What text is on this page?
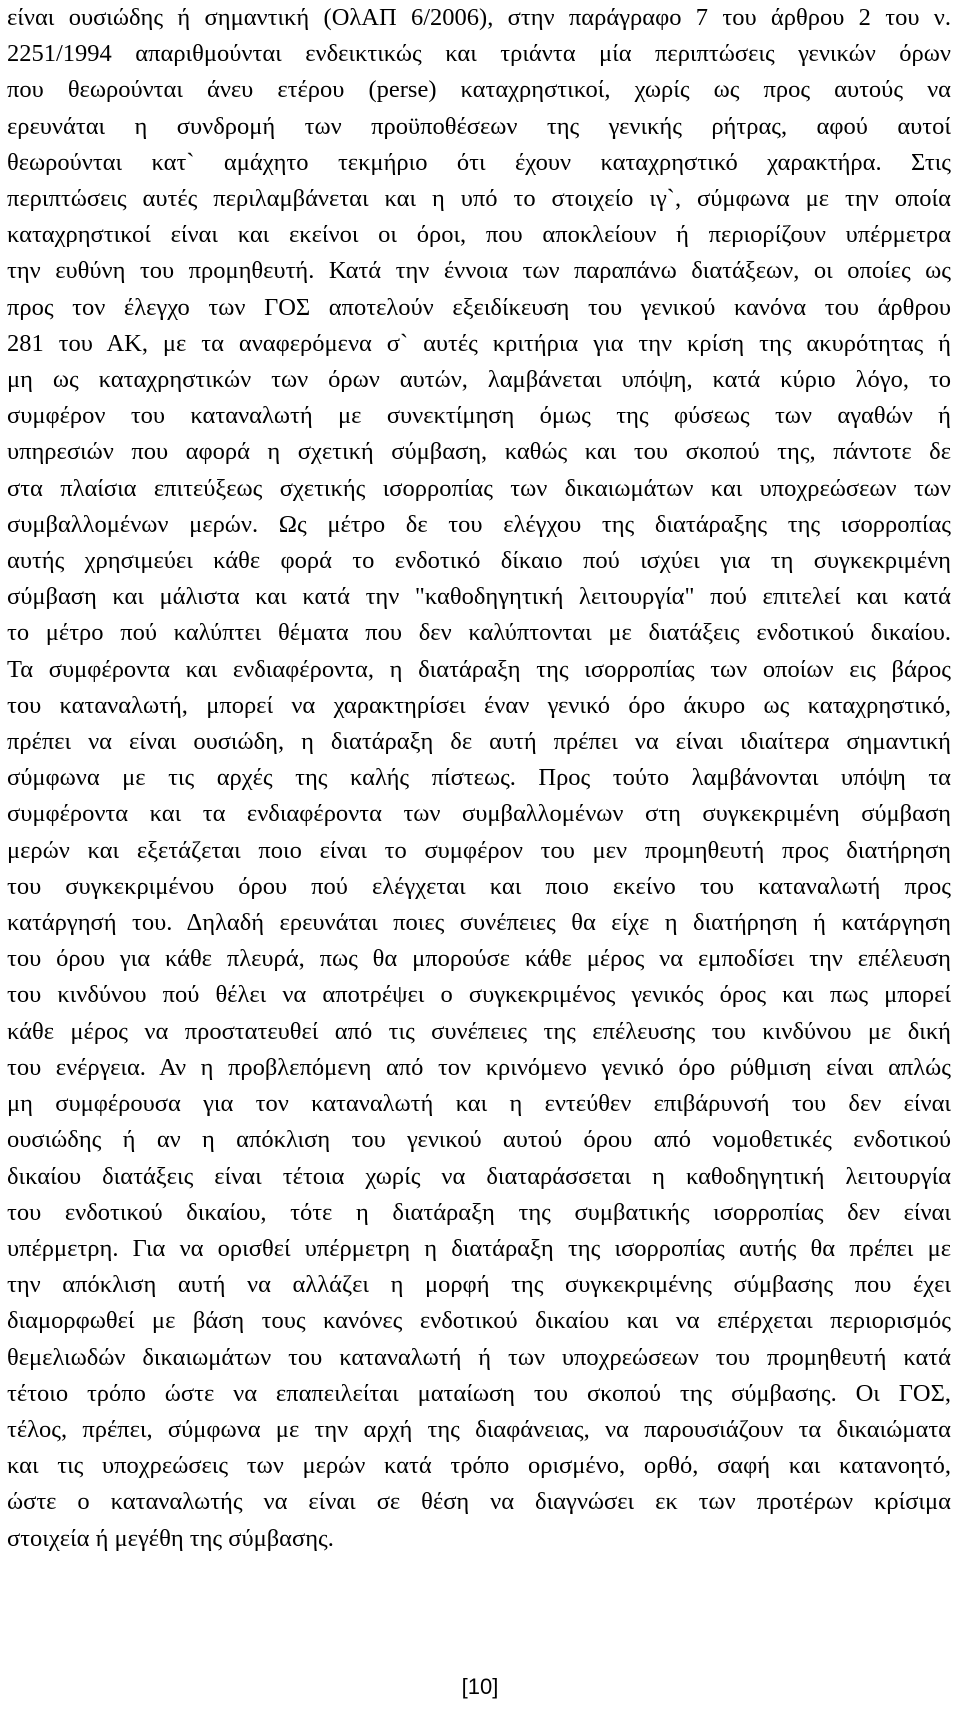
είναι ουσιώδης ή σημαντική (ΟλΑΠ 6/2006), στην παράγραφο 7 του άρθρου 2 του ν.
2251/1994 απαριθμούνται ενδεικτικώς και τριάντα μία περιπτώσεις γενικών όρων
που θεωρούνται άνευ ετέρου (perse) καταχρηστικοί, χωρίς ως προς αυτούς να
ερευνάται η συνδρομή των προϋποθέσεων της γενικής ρήτρας, αφού αυτοί
θεωρούνται κατ` αμάχητο τεκμήριο ότι έχουν καταχρηστικό χαρακτήρα. Στις
περιπτώσεις αυτές περιλαμβάνεται και η υπό το στοιχείο ιγ`, σύμφωνα με την οποία
καταχρηστικοί είναι και εκείνοι οι όροι, που αποκλείουν ή περιορίζουν υπέρμετρα
την ευθύνη του προμηθευτή. Κατά την έννοια των παραπάνω διατάξεων, οι οποίες ως
προς τον έλεγχο των ΓΟΣ αποτελούν εξειδίκευση του γενικού κανόνα του άρθρου
281 του ΑΚ, με τα αναφερόμενα σ` αυτές κριτήρια για την κρίση της ακυρότητας ή
μη ως καταχρηστικών των όρων αυτών, λαμβάνεται υπόψη, κατά κύριο λόγο, το
συμφέρον του καταναλωτή με συνεκτίμηση όμως της φύσεως των αγαθών ή
υπηρεσιών που αφορά η σχετική σύμβαση, καθώς και του σκοπού της, πάντοτε δε
στα πλαίσια επιτεύξεως σχετικής ισορροπίας των δικαιωμάτων και υποχρεώσεων των
συμβαλλομένων μερών. Ως μέτρο δε του ελέγχου της διατάραξης της ισορροπίας
αυτής χρησιμεύει κάθε φορά το ενδοτικό δίκαιο πού ισχύει για τη συγκεκριμένη
σύμβαση και μάλιστα και κατά την "καθοδηγητική λειτουργία" πού επιτελεί και κατά
το μέτρο πού καλύπτει θέματα που δεν καλύπτονται με διατάξεις ενδοτικού δικαίου.
Τα συμφέροντα και ενδιαφέροντα, η διατάραξη της ισορροπίας των οποίων εις βάρος
του καταναλωτή, μπορεί να χαρακτηρίσει έναν γενικό όρο άκυρο ως καταχρηστικό,
πρέπει να είναι ουσιώδη, η διατάραξη δε αυτή πρέπει να είναι ιδιαίτερα σημαντική
σύμφωνα με τις αρχές της καλής πίστεως. Προς τούτο λαμβάνονται υπόψη τα
συμφέροντα και τα ενδιαφέροντα των συμβαλλομένων στη συγκεκριμένη σύμβαση
μερών και εξετάζεται ποιο είναι το συμφέρον του μεν προμηθευτή προς διατήρηση
του συγκεκριμένου όρου πού ελέγχεται και ποιο εκείνο του καταναλωτή προς
κατάργησή του. Δηλαδή ερευνάται ποιες συνέπειες θα είχε η διατήρηση ή κατάργηση
του όρου για κάθε πλευρά, πως θα μπορούσε κάθε μέρος να εμποδίσει την επέλευση
του κινδύνου πού θέλει να αποτρέψει ο συγκεκριμένος γενικός όρος και πως μπορεί
κάθε μέρος να προστατευθεί από τις συνέπειες της επέλευσης του κινδύνου με δική
του ενέργεια. Αν η προβλεπόμενη από τον κρινόμενο γενικό όρο ρύθμιση είναι απλώς
μη συμφέρουσα για τον καταναλωτή και η εντεύθεν επιβάρυνσή του δεν είναι
ουσιώδης ή αν η απόκλιση του γενικού αυτού όρου από νομοθετικές ενδοτικού
δικαίου διατάξεις είναι τέτοια χωρίς να διαταράσσεται η καθοδηγητική λειτουργία
του ενδοτικού δικαίου, τότε η διατάραξη της συμβατικής ισορροπίας δεν είναι
υπέρμετρη. Για να ορισθεί υπέρμετρη η διατάραξη της ισορροπίας αυτής θα πρέπει με
την απόκλιση αυτή να αλλάζει η μορφή της συγκεκριμένης σύμβασης που έχει
διαμορφωθεί με βάση τους κανόνες ενδοτικού δικαίου και να επέρχεται περιορισμός
θεμελιωδών δικαιωμάτων του καταναλωτή ή των υποχρεώσεων του προμηθευτή κατά
τέτοιο τρόπο ώστε να επαπειλείται ματαίωση του σκοπού της σύμβασης. Οι ΓΟΣ,
τέλος, πρέπει, σύμφωνα με την αρχή της διαφάνειας, να παρουσιάζουν τα δικαιώματα
και τις υποχρεώσεις των μερών κατά τρόπο ορισμένο, ορθό, σαφή και κατανοητό,
ώστε ο καταναλωτής να είναι σε θέση να διαγνώσει εκ των προτέρων κρίσιμα
στοιχεία ή μεγέθη της σύμβασης.
[10]
